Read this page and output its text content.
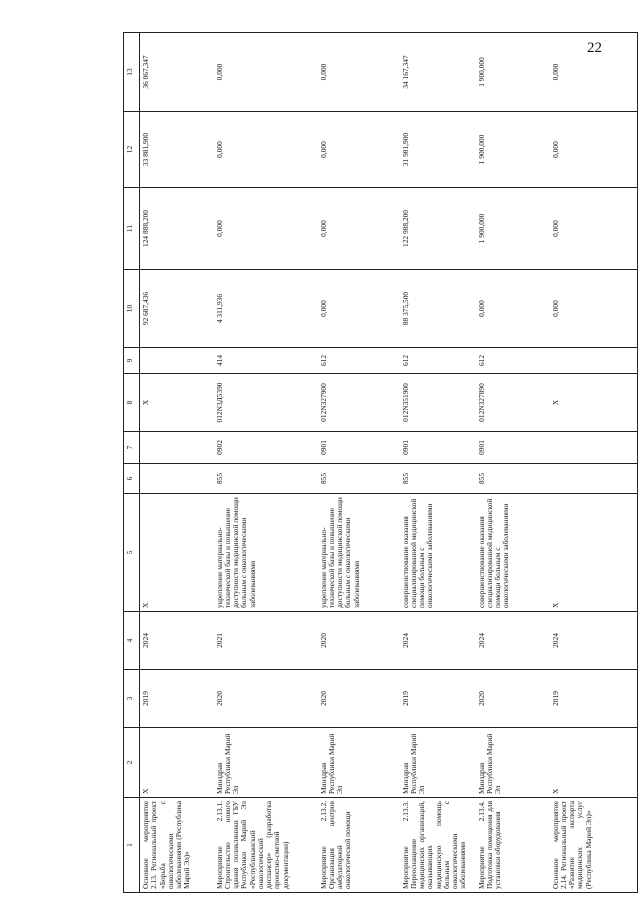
22
1	2	3	4	5	6	7	8	9	10	11	12	13
Основное мероприятие 2.13. Региональный проект «Борьба с онкологическими заболеваниями (Республика Марий Эл)»	X	2019	2024	X			X		92 687,436	124 888,200	33 881,900	36 067,347
Мероприятие 2.13.1. Строительство нового здания поликлиники ГБУ Республики Марий Эл «Республиканский онкологический диспансер» (разработка проектно-сметной документации)	Минздрав Республики Марий Эл	2020	2021	укрепление материально-технической базы и повышение доступности медицинской помощи больным с онкологическими заболеваниями	855	0902	012N3Д5390	414	4 311,936	0,000	0,000	0,000
Мероприятие 2.13.2. Организация центров амбулаторной онкологической помощи	Минздрав Республики Марий Эл	2020	2020	укрепление материально-технической базы и повышение доступности медицинской помощи больным с онкологическими заболеваниями	855	0901	012N327900	612	0,000	0,000	0,000	0,000
Мероприятие 2.13.3. Переоснащение медицинских организаций, оказывающих медицинскую помощь больным с онкологическими заболеваниями	Минздрав Республики Марий Эл	2019	2024	совершенствование оказания специализированной медицинской помощи больным с онкологическими заболеваниями	855	0901	012N351900	612	88 375,500	122 988,200	31 981,900	34 167,347
Мероприятие 2.13.4. Подготовка помещения для установки оборудования	Минздрав Республики Марий Эл	2020	2024	совершенствование оказания специализированной медицинской помощи больным с онкологическими заболеваниями	855	0901	012N327890	612	0,000	1 900,000	1 900,000	1 900,000
Основное мероприятие 2.14. Региональный проект «Развитие экспорта медицинских услуг (Республика Марий Эл)»	X	2019	2024	X			X		0,000	0,000	0,000	0,000
